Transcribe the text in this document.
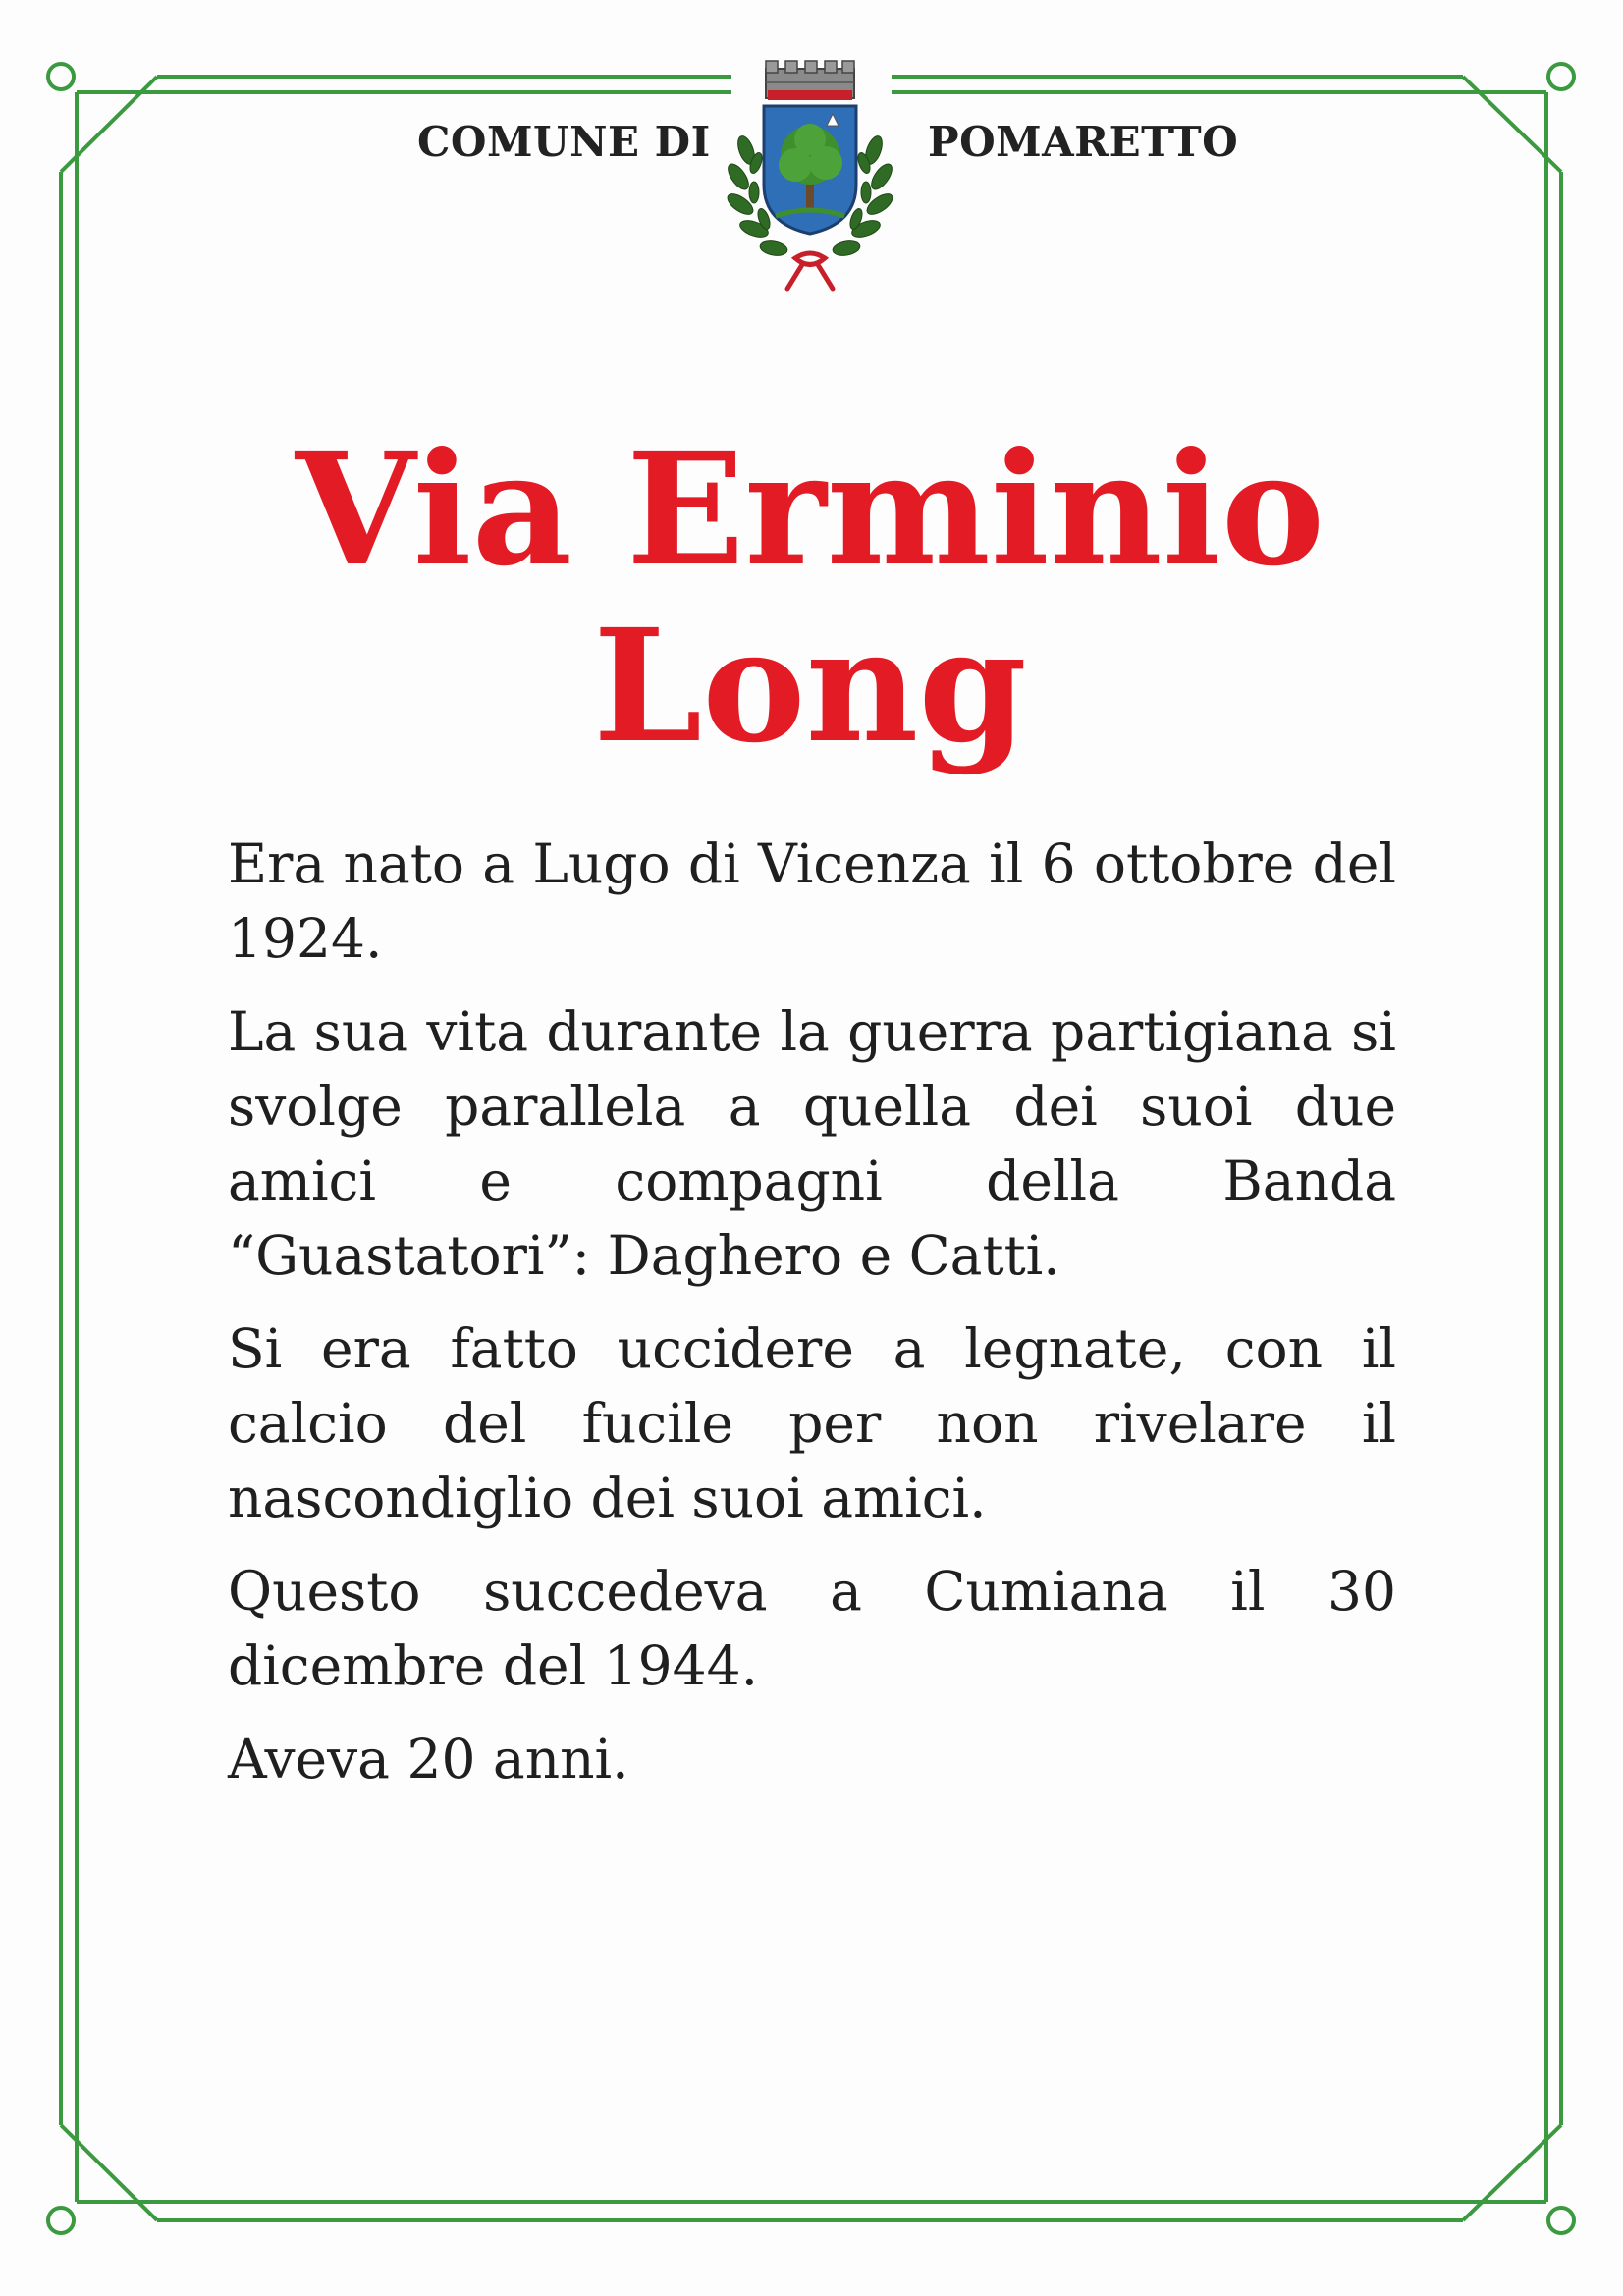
COMUNE DI	POMARETTO
Via Erminio
Long

Era nato a Lugo di Vicenza il 6 ottobre del 1924.

La sua vita durante la guerra partigiana si svolge parallela a quella dei suoi due amici e compagni della Banda “Guastatori”: Daghero e Catti.

Si era fatto uccidere a legnate, con il calcio del fucile per non rivelare il nascondiglio dei suoi amici.

Questo succedeva a Cumiana il 30 dicembre del 1944.

Aveva 20 anni.
